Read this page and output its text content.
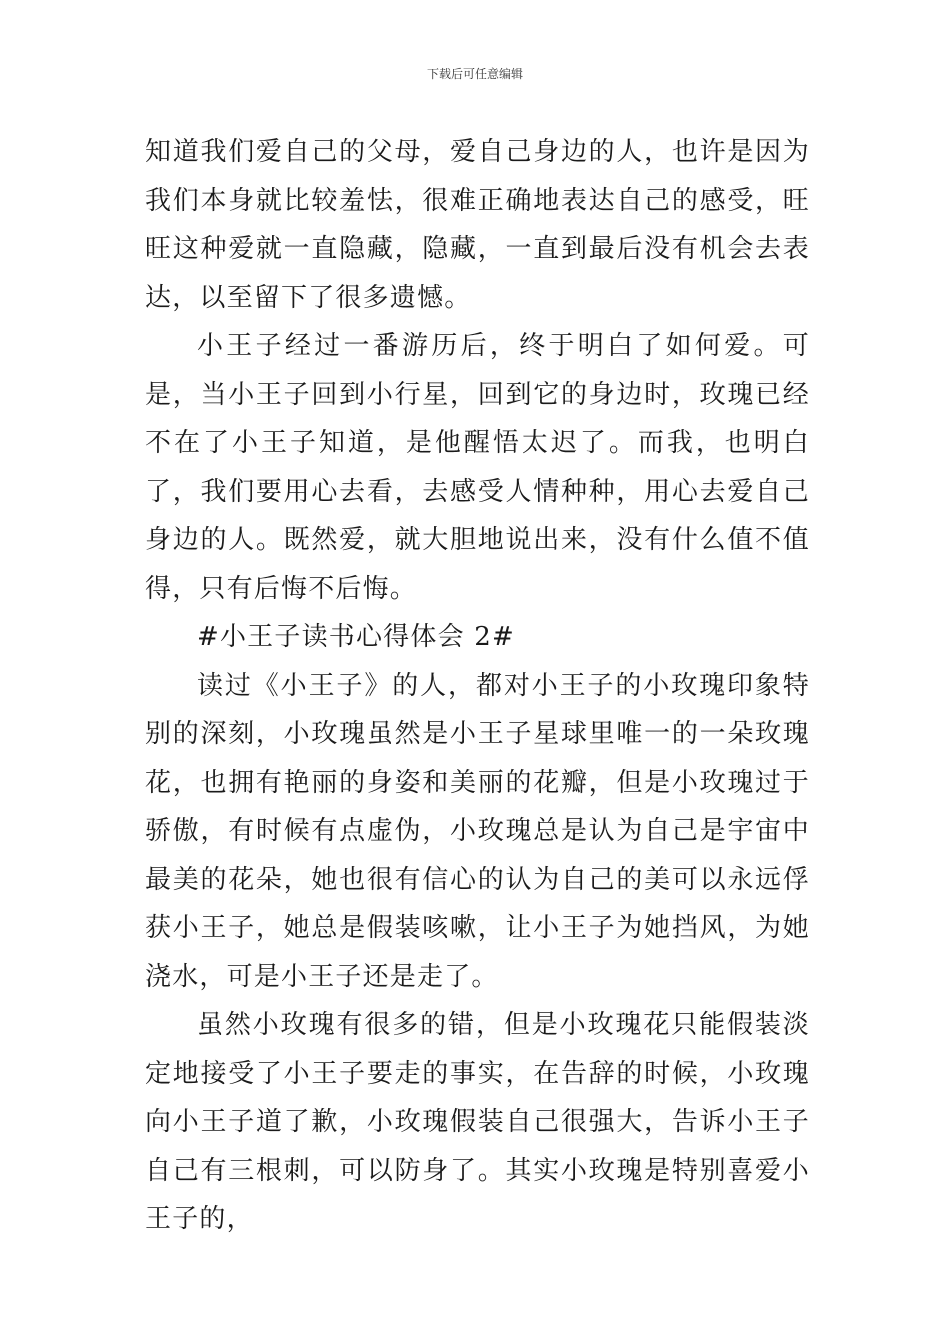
下载后可任意编辑

知道我们爱自己的父母，爱自己身边的人，也许是因为我们本身就比较羞怯，很难正确地表达自己的感受，旺旺这种爱就一直隐藏，隐藏，一直到最后没有机会去表达，以至留下了很多遗憾。

小王子经过一番游历后，终于明白了如何爱。可是，当小王子回到小行星，回到它的身边时，玫瑰已经不在了小王子知道，是他醒悟太迟了。而我，也明白了，我们要用心去看，去感受人情种种，用心去爱自己身边的人。既然爱，就大胆地说出来，没有什么值不值得，只有后悔不后悔。

#小王子读书心得体会 2#

读过《小王子》的人，都对小王子的小玫瑰印象特别的深刻，小玫瑰虽然是小王子星球里唯一的一朵玫瑰花，也拥有艳丽的身姿和美丽的花瓣，但是小玫瑰过于骄傲，有时候有点虚伪，小玫瑰总是认为自己是宇宙中最美的花朵，她也很有信心的认为自己的美可以永远俘获小王子，她总是假装咳嗽，让小王子为她挡风，为她浇水，可是小王子还是走了。

虽然小玫瑰有很多的错，但是小玫瑰花只能假装淡定地接受了小王子要走的事实，在告辞的时候，小玫瑰向小王子道了歉，小玫瑰假装自己很强大，告诉小王子自己有三根刺，可以防身了。其实小玫瑰是特别喜爱小王子的，
